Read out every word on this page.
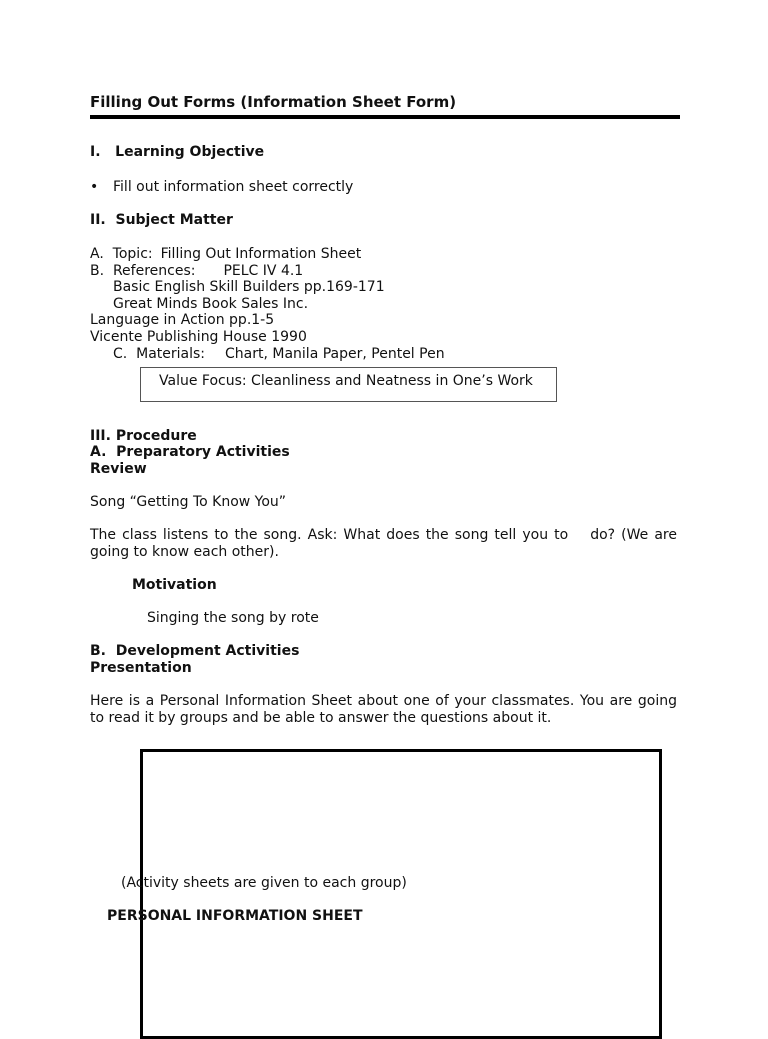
Filling Out Forms (Information Sheet Form)
I.   Learning Objective
• Fill out information sheet correctly
II.  Subject Matter
A.  Topic: Filling Out Information Sheet
B.  References: PELC IV 4.1
Basic English Skill Builders pp.169-171
Great Minds Book Sales Inc.
Language in Action pp.1-5
Vicente Publishing House 1990
C.  Materials: Chart, Manila Paper, Pentel Pen
Value Focus: Cleanliness and Neatness in One’s Work
III. Procedure
A.  Preparatory Activities
Review
Song “Getting To Know You”
The class listens to the song. Ask: What does the song tell you to do? (We are going to know each other).
Motivation
Singing the song by rote
B.  Development Activities
Presentation
Here is a Personal Information Sheet about one of your classmates. You are going to read it by groups and be able to answer the questions about it.
(Activity sheets are given to each group)
PERSONAL INFORMATION SHEET
